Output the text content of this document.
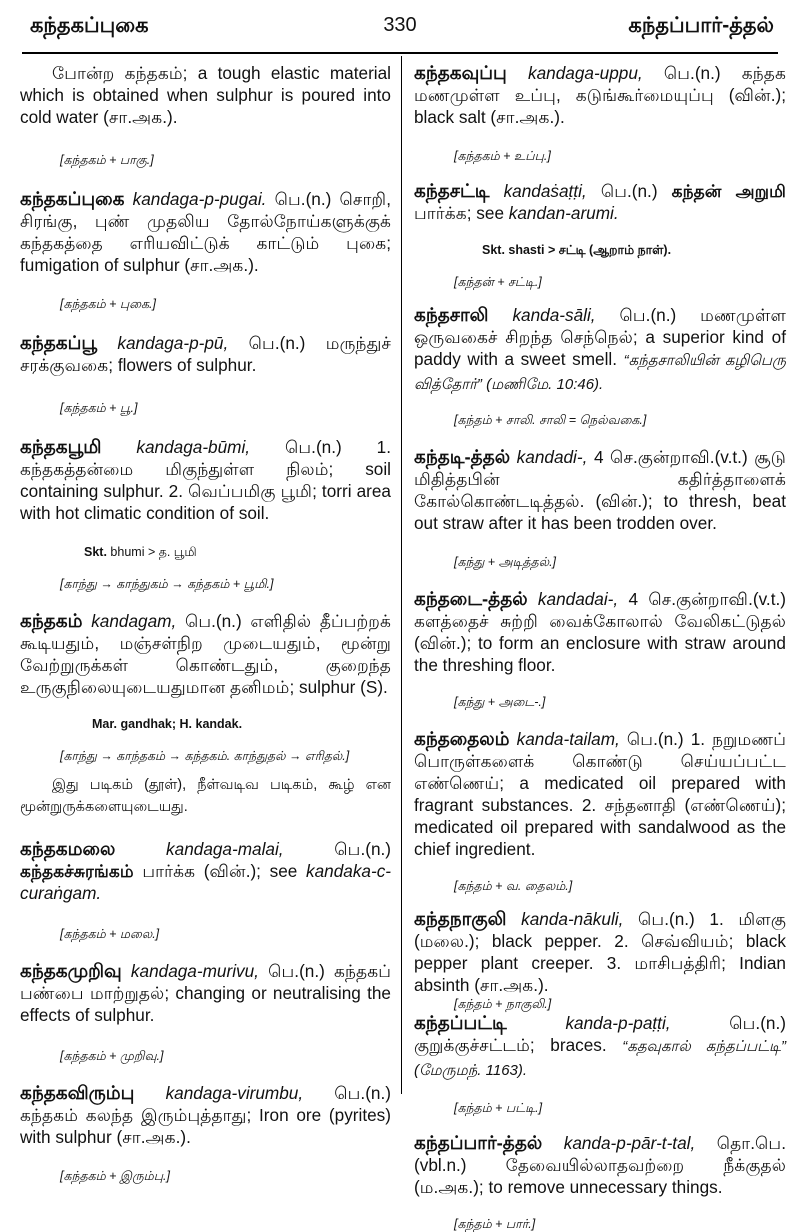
கந்தகப்புகை	330	கந்தப்பார்-த்தல்

போன்ற கந்தகம்; a tough elastic material which is obtained when sulphur is poured into cold water (சா.அக.).

[கந்தகம் + பாகு.]

கந்தகப்புகை kandaga-p-pugai. பெ.(n.) சொறி, சிரங்கு, புண் முதலிய தோல்நோய்களுக்குக் கந்தகத்தை எரியவிட்டுக் காட்டும் புகை; fumigation of sulphur (சா.அக.).

[கந்தகம் + புகை.]

கந்தகப்பூ kandaga-p-pū, பெ.(n.) மருந்துச் சரக்குவகை; flowers of sulphur.

[கந்தகம் + பூ.]

கந்தகபூமி kandaga-būmi, பெ.(n.) 1. கந்தகத்தன்மை மிகுந்துள்ள நிலம்; soil containing sulphur. 2. வெப்பமிகு பூமி; torri area with hot climatic condition of soil.

Skt. bhumi > த. பூமி
[காந்து → காந்துகம் → கந்தகம் + பூமி.]

கந்தகம் kandagam, பெ.(n.) எளிதில் தீப்பற்றக் கூடியதும், மஞ்சள்நிற முடையதும், மூன்று வேற்றுருக்கள் கொண்டதும், குறைந்த உருகுநிலையுடையதுமான தனிமம்; sulphur (S).

Mar. gandhak; H. kandak.
[காந்து → காந்தகம் → கந்தகம். காந்துதல் → எரிதல்.]

இது படிகம் (தூள்), நீள்வடிவ படிகம், கூழ் என மூன்றுருக்களையுடையது.

கந்தகமலை	kandaga-malai,	பெ.(n.) கந்தகச்சுரங்கம் பார்க்க (வின்.); see kandaka-c-curaṅgam.

[கந்தகம் + மலை.]

கந்தகமுறிவு kandaga-murivu, பெ.(n.) கந்தகப் பண்பை மாற்றுதல்; changing or neutralising the effects of sulphur.

[கந்தகம் + முறிவு.]

கந்தகவிரும்பு kandaga-virumbu, பெ.(n.) கந்தகம் கலந்த இரும்புத்தாது; Iron ore (pyrites) with sulphur (சா.அக.).

[கந்தகம் + இரும்பு.]

கந்தகவுப்பு kandaga-uppu, பெ.(n.) கந்தக மணமுள்ள உப்பு, கடுங்கூர்மையுப்பு (வின்.); black salt (சா.அக.).

[கந்தகம் + உப்பு.]

கந்தசட்டி kandaṡaṭṭi, பெ.(n.) கந்தன் அறுமி பார்க்க; see kandan-arumi.

Skt. shasti > சட்டி (ஆறாம் நாள்).
[கந்தன் + சட்டி.]

கந்தசாலி kanda-sāli, பெ.(n.) மணமுள்ள ஒருவகைச் சிறந்த செந்நெல்; a superior kind of paddy with a sweet smell. “கந்தசாலியின் கழிபெரு வித்தோர்” (மணிமே. 10:46).

[கந்தம் + சாலி. சாலி = நெல்வகை.]

கந்தடி-த்தல் kandadi-, 4 செ.குன்றாவி.(v.t.) சூடு மிதித்தபின் கதிர்த்தாளைக் கோல்கொண்டடித்தல். (வின்.); to thresh, beat out straw after it has been trodden over.

[கந்து + அடித்தல்.]

கந்தடை-த்தல் kandadai-, 4 செ.குன்றாவி.(v.t.) களத்தைச் சுற்றி வைக்கோலால் வேலிகட்டுதல் (வின்.); to form an enclosure with straw around the threshing floor.

[கந்து + அடை-.]

கந்ததைலம் kanda-tailam, பெ.(n.) 1. நறுமணப் பொருள்களைக் கொண்டு செய்யப்பட்ட எண்ணெய்; a medicated oil prepared with fragrant substances. 2. சந்தனாதி (எண்ணெய்); medicated oil prepared with sandalwood as the chief ingredient.

[கந்தம் + வ. தைலம்.]

கந்தநாகுலி kanda-nākuli, பெ.(n.) 1. மிளகு (மலை.); black pepper. 2. செவ்வியம்; black pepper plant creeper. 3. மாசிபத்திரி; Indian absinth (சா.அக.).

[கந்தம் + நாகுலி.]

கந்தப்பட்டி	kanda-p-paṭṭi,	பெ.(n.) குறுக்குச்சட்டம்; braces. “கதவுகால் கந்தப்பட்டி” (மேருமந். 1163).

[கந்தம் + பட்டி.]

கந்தப்பார்-த்தல் kanda-p-pār-t-tal, தொ.பெ. (vbl.n.) தேவையில்லாதவற்றை நீக்குதல் (ம.அக.); to remove unnecessary things.

[கந்தம் + பார்.]
